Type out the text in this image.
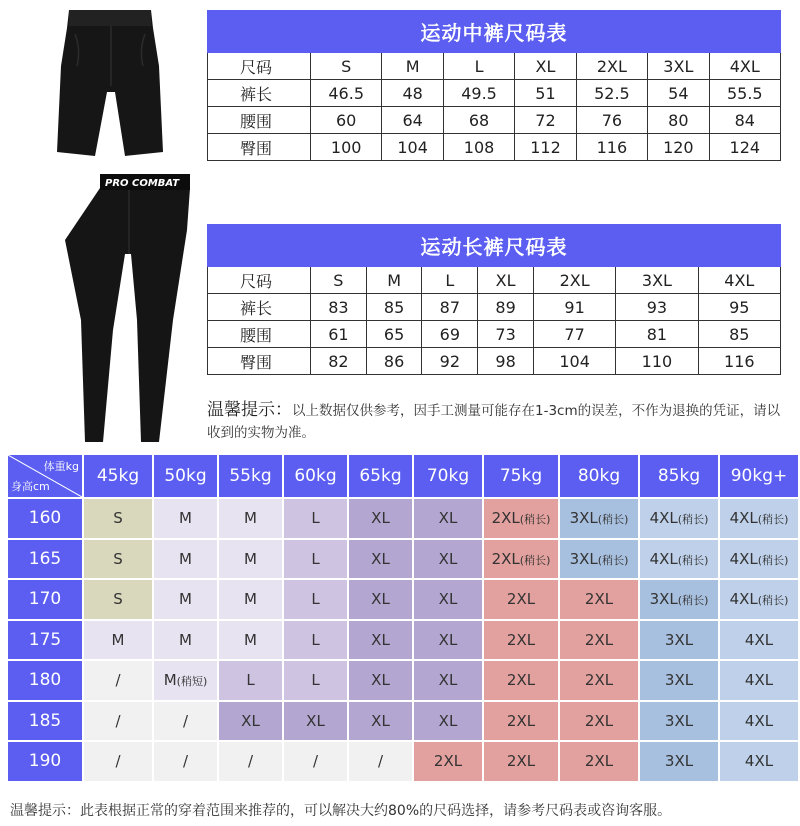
PRO COMBAT
运动中裤尺码表							
尺码	S	M	L	XL	2XL	3XL	4XL
裤长	46.5	48	49.5	51	52.5	54	55.5
腰围	60	64	68	72	76	80	84
臀围	100	104	108	112	116	120	124
运动长裤尺码表							
尺码	S	M	L	XL	2XL	3XL	4XL
裤长	83	85	87	89	91	93	95
腰围	61	65	69	73	77	81	85
臀围	82	86	92	98	104	110	116
温馨提示：以上数据仅供参考，因手工测量可能存在1-3cm的误差，不作为退换的凭证，请以收到的实物为准。
体重kg
身高cm	45kg	50kg	55kg	60kg	65kg	70kg	75kg	80kg	85kg	90kg+
160	S	M	M	L	XL	XL	2XL(稍长)	3XL(稍长)	4XL(稍长)	4XL(稍长)
165	S	M	M	L	XL	XL	2XL(稍长)	3XL(稍长)	4XL(稍长)	4XL(稍长)
170	S	M	M	L	XL	XL	2XL	2XL	3XL(稍长)	4XL(稍长)
175	M	M	M	L	XL	XL	2XL	2XL	3XL	4XL
180	/	M(稍短)	L	L	XL	XL	2XL	2XL	3XL	4XL
185	/	/	XL	XL	XL	XL	2XL	2XL	3XL	4XL
190	/	/	/	/	/	2XL	2XL	2XL	3XL	4XL
温馨提示：此表根据正常的穿着范围来推荐的，可以解决大约80%的尺码选择，请参考尺码表或咨询客服。
